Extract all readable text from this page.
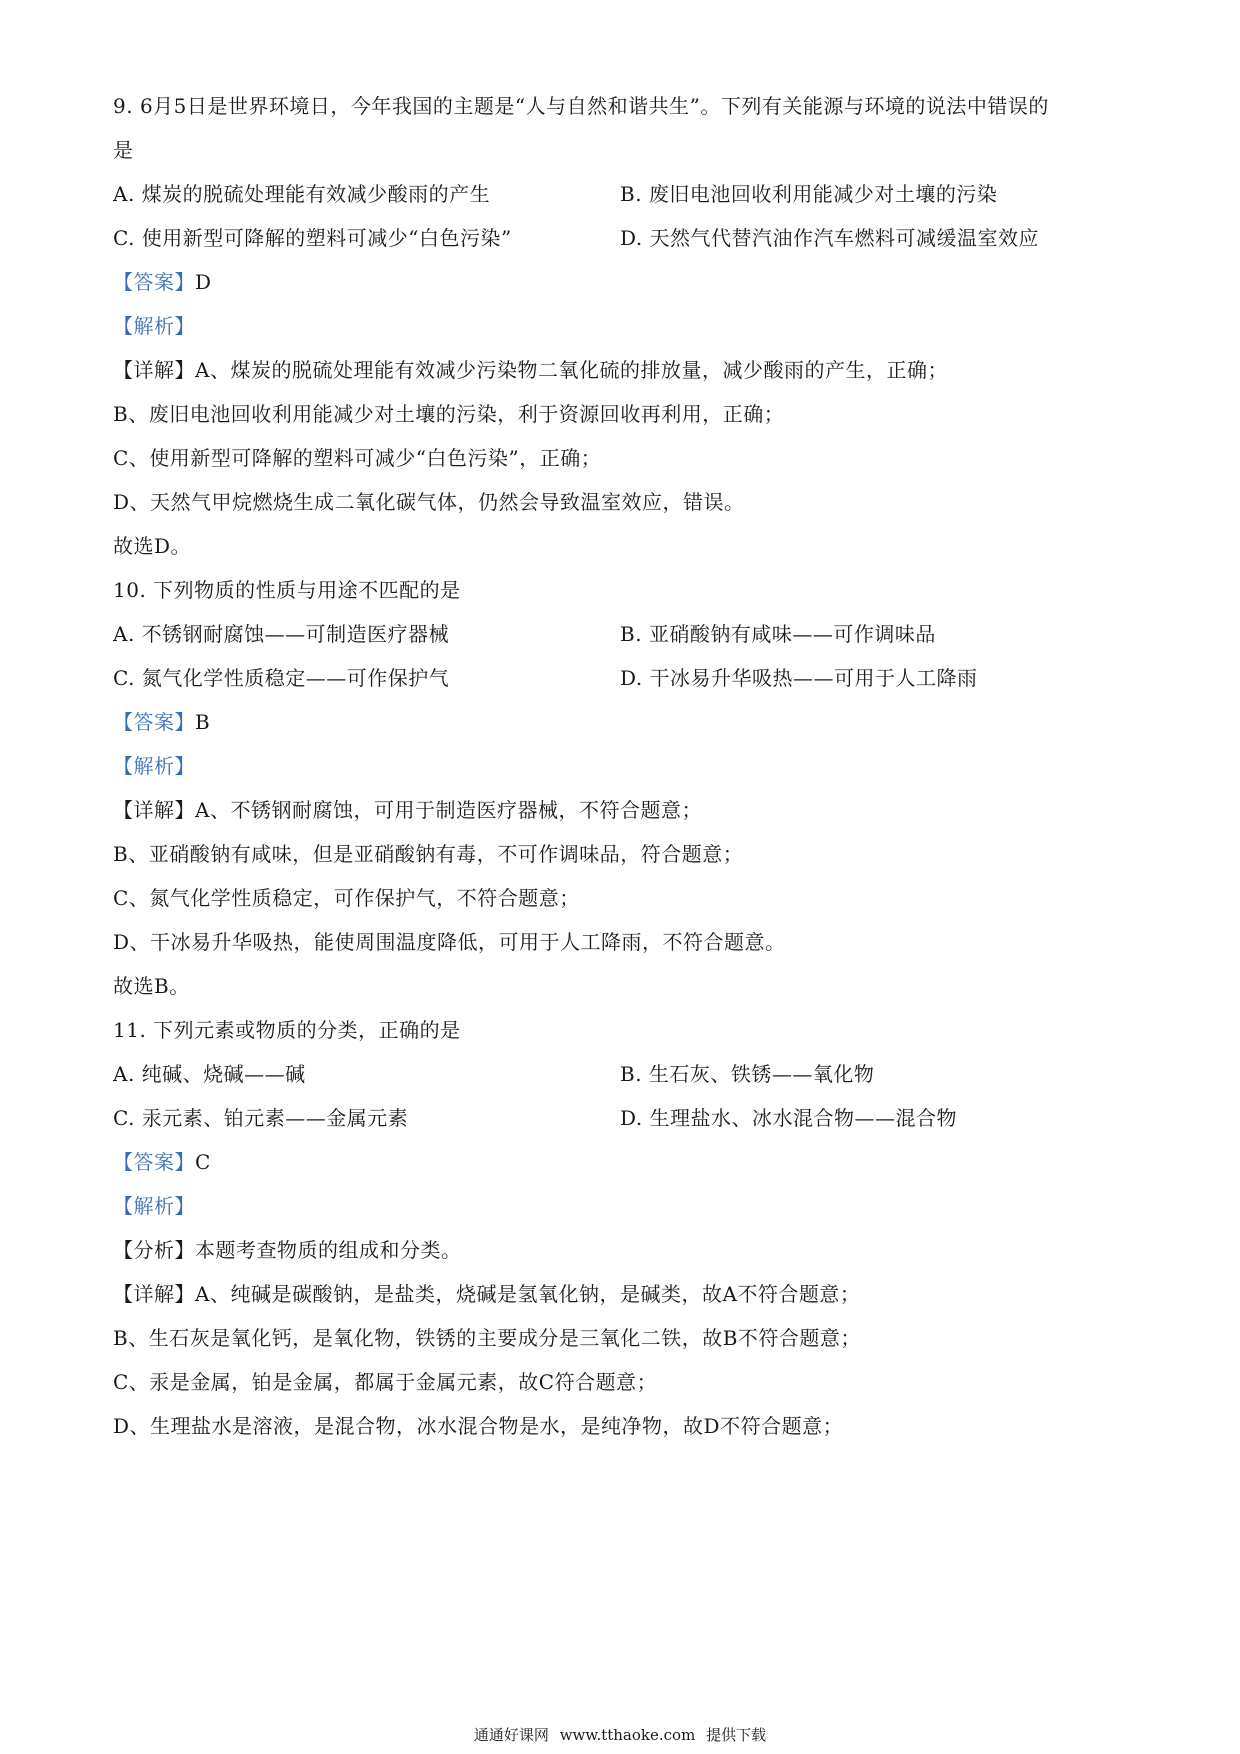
9. 6月5日是世界环境日，今年我国的主题是“人与自然和谐共生”。下列有关能源与环境的说法中错误的
是
A. 煤炭的脱硫处理能有效减少酸雨的产生	B. 废旧电池回收利用能减少对土壤的污染
C. 使用新型可降解的塑料可减少“白色污染”	D. 天然气代替汽油作汽车燃料可减缓温室效应
【答案】D
【解析】
【详解】A、煤炭的脱硫处理能有效减少污染物二氧化硫的排放量，减少酸雨的产生，正确；
B、废旧电池回收利用能减少对土壤的污染，利于资源回收再利用，正确；
C、使用新型可降解的塑料可减少“白色污染”，正确；
D、天然气甲烷燃烧生成二氧化碳气体，仍然会导致温室效应，错误。
故选D。
10. 下列物质的性质与用途不匹配的是
A. 不锈钢耐腐蚀——可制造医疗器械	B. 亚硝酸钠有咸味——可作调味品
C. 氮气化学性质稳定——可作保护气	D. 干冰易升华吸热——可用于人工降雨
【答案】B
【解析】
【详解】A、不锈钢耐腐蚀，可用于制造医疗器械，不符合题意；
B、亚硝酸钠有咸味，但是亚硝酸钠有毒，不可作调味品，符合题意；
C、氮气化学性质稳定，可作保护气，不符合题意；
D、干冰易升华吸热，能使周围温度降低，可用于人工降雨，不符合题意。
故选B。
11. 下列元素或物质的分类，正确的是
A. 纯碱、烧碱——碱	B. 生石灰、铁锈——氧化物
C. 汞元素、铂元素——金属元素	D. 生理盐水、冰水混合物——混合物
【答案】C
【解析】
【分析】本题考查物质的组成和分类。
【详解】A、纯碱是碳酸钠，是盐类，烧碱是氢氧化钠，是碱类，故A不符合题意；
B、生石灰是氧化钙，是氧化物，铁锈的主要成分是三氧化二铁，故B不符合题意；
C、汞是金属，铂是金属，都属于金属元素，故C符合题意；
D、生理盐水是溶液，是混合物，冰水混合物是水，是纯净物，故D不符合题意；
通通好课网 www.tthaoke.com 提供下载
